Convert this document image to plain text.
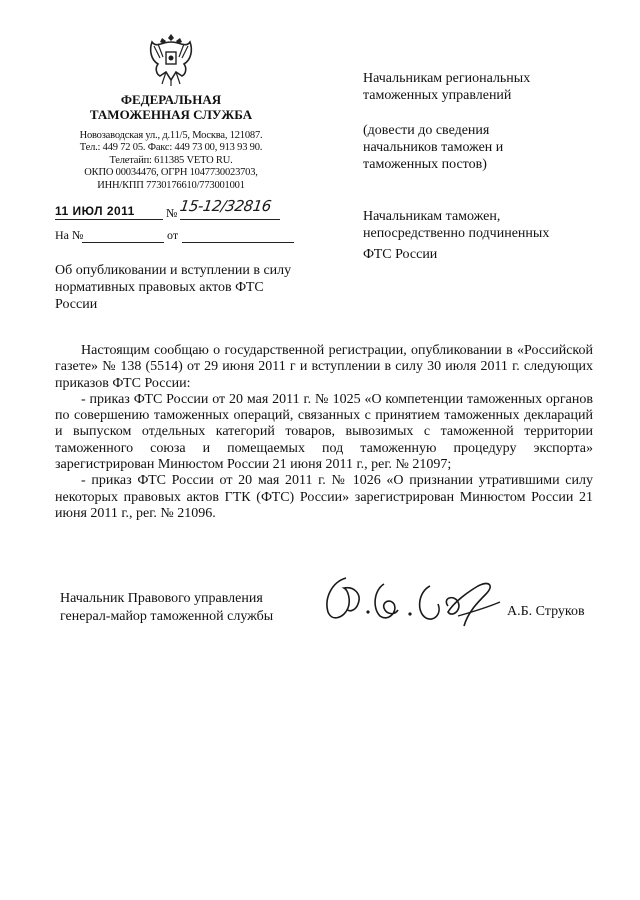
ФЕДЕРАЛЬНАЯ
ТАМОЖЕННАЯ СЛУЖБА
Новозаводская ул., д.11/5, Москва, 121087.
Тел.: 449 72 05. Факс: 449 73 00, 913 93 90.
Телетайп: 611385 VETO RU.
ОКПО 00034476, ОГРН 1047730023703,
ИНН/КПП 7730176610/773001001
11 ИЮЛ 2011	№ 15-12/32816
На №	от
Об опубликовании и вступлении в силу нормативных правовых актов ФТС России
Начальникам региональных
таможенных управлений
(довести до сведения
начальников таможен и
таможенных постов)
Начальникам таможен,
непосредственно подчиненных
ФТС России

Настоящим сообщаю о государственной регистрации, опубликовании в «Российской газете» № 138 (5514) от 29 июня 2011 г и вступлении в силу 30 июля 2011 г. следующих приказов ФТС России:

- приказ ФТС России от 20 мая 2011 г. № 1025 «О компетенции таможенных органов по совершению таможенных операций, связанных с принятием таможенных деклараций и выпуском отдельных категорий товаров, вывозимых с таможенной территории таможенного союза и помещаемых под таможенную процедуру экспорта» зарегистрирован Минюстом России 21 июня 2011 г., рег. № 21097;

- приказ ФТС России от 20 мая 2011 г. № 1026 «О признании утратившими силу некоторых правовых актов ГТК (ФТС) России» зарегистрирован Минюстом России 21 июня 2011 г., рег. № 21096.

Начальник Правового управления
генерал-майор таможенной службы	А.Б. Струков
